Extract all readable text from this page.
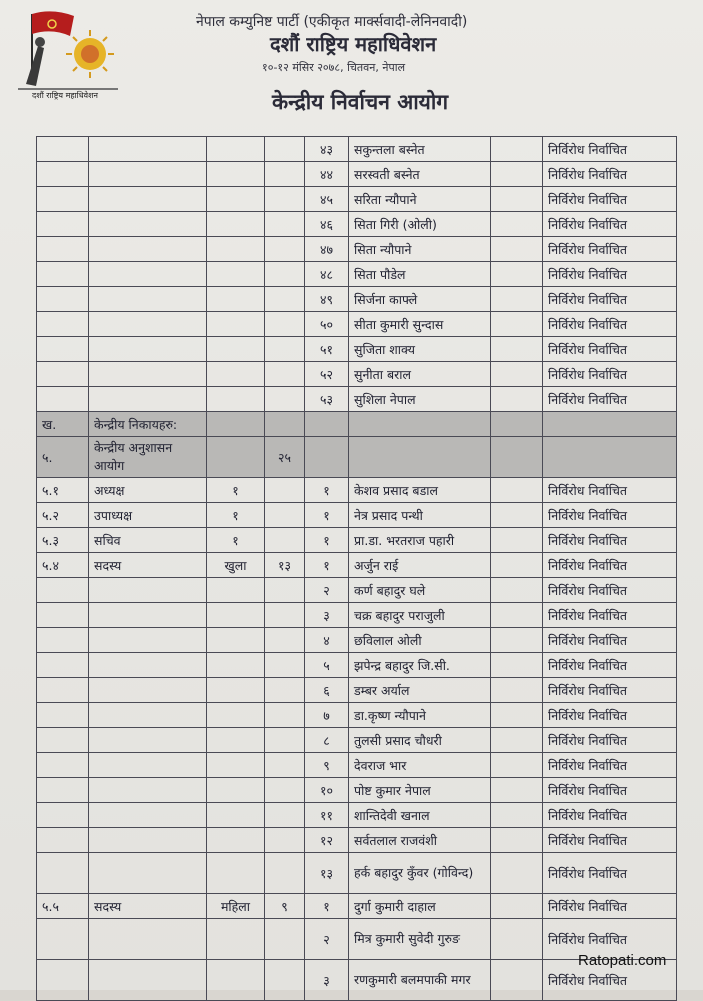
दशौं राष्ट्रिय महाधिवेशन
नेपाल कम्युनिष्ट पार्टी (एकीकृत मार्क्सवादी-लेनिनवादी)
दशौं राष्ट्रिय महाधिवेशन
१०-१२ मंसिर २०७८, चितवन, नेपाल
केन्द्रीय निर्वाचन आयोग
				४३	सकुन्तला बस्नेत		निर्विरोध निर्वाचित
				४४	सरस्वती बस्नेत		निर्विरोध निर्वाचित
				४५	सरिता न्यौपाने		निर्विरोध निर्वाचित
				४६	सिता गिरी (ओली)		निर्विरोध निर्वाचित
				४७	सिता न्यौपाने		निर्विरोध निर्वाचित
				४८	सिता पौडेल		निर्विरोध निर्वाचित
				४९	सिर्जना काफ्ले		निर्विरोध निर्वाचित
				५०	सीता कुमारी सुन्दास		निर्विरोध निर्वाचित
				५१	सुजिता शाक्य		निर्विरोध निर्वाचित
				५२	सुनीता बराल		निर्विरोध निर्वाचित
				५३	सुशिला नेपाल		निर्विरोध निर्वाचित
ख.	केन्द्रीय निकायहरु:						
५.	केन्द्रीय अनुशासन आयोग		२५				
५.१	अध्यक्ष	१		१	केशव प्रसाद बडाल		निर्विरोध निर्वाचित
५.२	उपाध्यक्ष	१		१	नेत्र प्रसाद पन्थी		निर्विरोध निर्वाचित
५.३	सचिव	१		१	प्रा.डा. भरतराज पहारी		निर्विरोध निर्वाचित
५.४	सदस्य	खुला	१३	१	अर्जुन राई		निर्विरोध निर्वाचित
				२	कर्ण बहादुर घले		निर्विरोध निर्वाचित
				३	चक्र बहादुर पराजुली		निर्विरोध निर्वाचित
				४	छविलाल ओली		निर्विरोध निर्वाचित
				५	झपेन्द्र बहादुर जि.सी.		निर्विरोध निर्वाचित
				६	डम्बर अर्याल		निर्विरोध निर्वाचित
				७	डा.कृष्ण न्यौपाने		निर्विरोध निर्वाचित
				८	तुलसी प्रसाद चौधरी		निर्विरोध निर्वाचित
				९	देवराज भार		निर्विरोध निर्वाचित
				१०	पोष्ट कुमार नेपाल		निर्विरोध निर्वाचित
				११	शान्तिदेवी खनाल		निर्विरोध निर्वाचित
				१२	सर्वतलाल राजवंशी		निर्विरोध निर्वाचित
				१३	हर्क बहादुर कुँवर (गोविन्द)		निर्विरोध निर्वाचित
५.५	सदस्य	महिला	९	१	दुर्गा कुमारी दाहाल		निर्विरोध निर्वाचित
				२	मित्र कुमारी सुवेदी गुरुङ		निर्विरोध निर्वाचित
				३	रणकुमारी बलमपाकी मगर		निर्विरोध निर्वाचित
Ratopati.com
